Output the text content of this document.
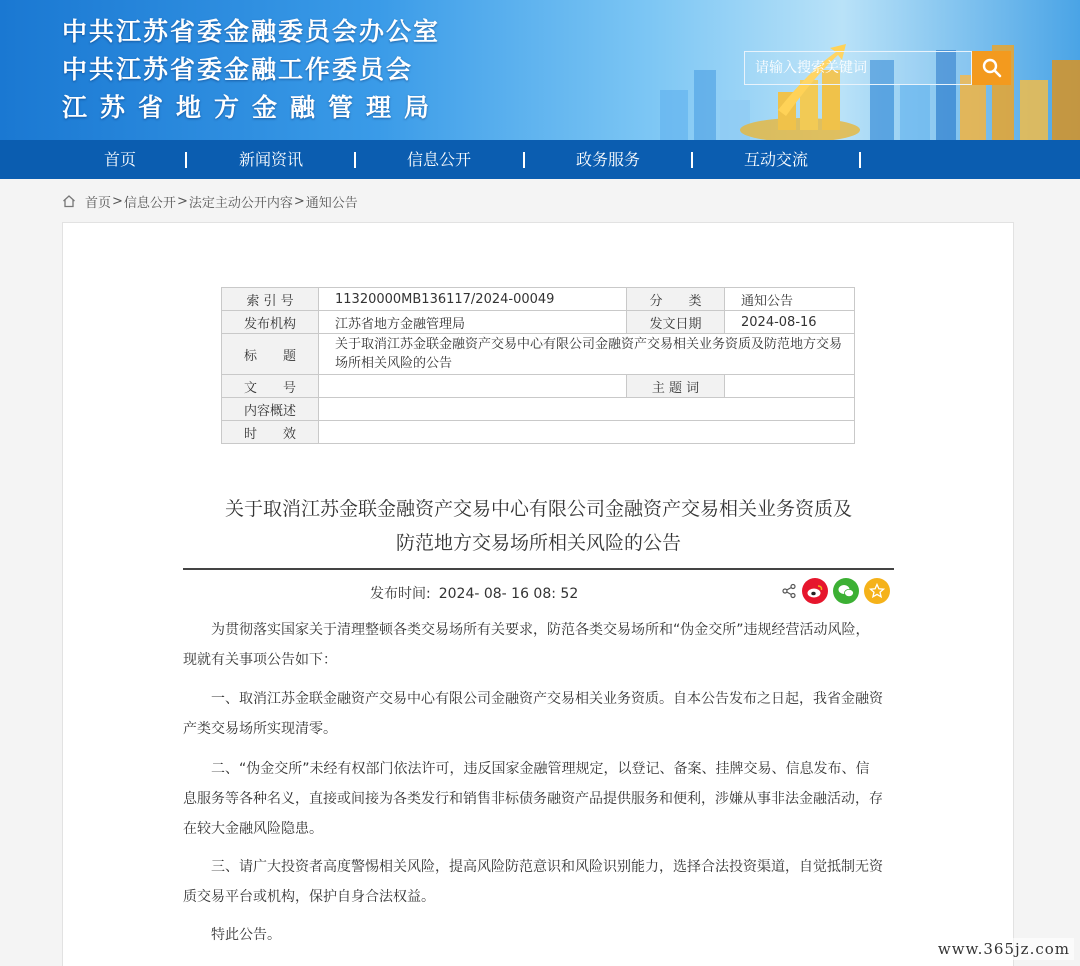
中共江苏省委金融委员会办公室
中共江苏省委金融工作委员会
江苏省地方金融管理局
请输入搜索关键词
首页	新闻资讯	信息公开	政务服务	互动交流
首页 > 信息公开 > 法定主动公开内容 > 通知公告
索 引 号	11320000MB136117/2024-00049	分　　类	通知公告
发布机构	江苏省地方金融管理局	发文日期	2024-08-16
标　　题	关于取消江苏金联金融资产交易中心有限公司金融资产交易相关业务资质及防范地方交易场所相关风险的公告		
文　　号		主 题 词	
内容概述			
时　　效			
关于取消江苏金联金融资产交易中心有限公司金融资产交易相关业务资质及
防范地方交易场所相关风险的公告
发布时间: 2024- 08- 16 08: 52

为贯彻落实国家关于清理整顿各类交易场所有关要求，防范各类交易场所和“伪金交所”违规经营活动风险，现就有关事项公告如下：

一、取消江苏金联金融资产交易中心有限公司金融资产交易相关业务资质。自本公告发布之日起，我省金融资产类交易场所实现清零。

二、“伪金交所”未经有权部门依法许可，违反国家金融管理规定，以登记、备案、挂牌交易、信息发布、信息服务等各种名义，直接或间接为各类发行和销售非标债务融资产品提供服务和便利，涉嫌从事非法金融活动，存在较大金融风险隐患。

三、请广大投资者高度警惕相关风险，提高风险防范意识和风险识别能力，选择合法投资渠道，自觉抵制无资质交易平台或机构，保护自身合法权益。

特此公告。

www.365jz.com
